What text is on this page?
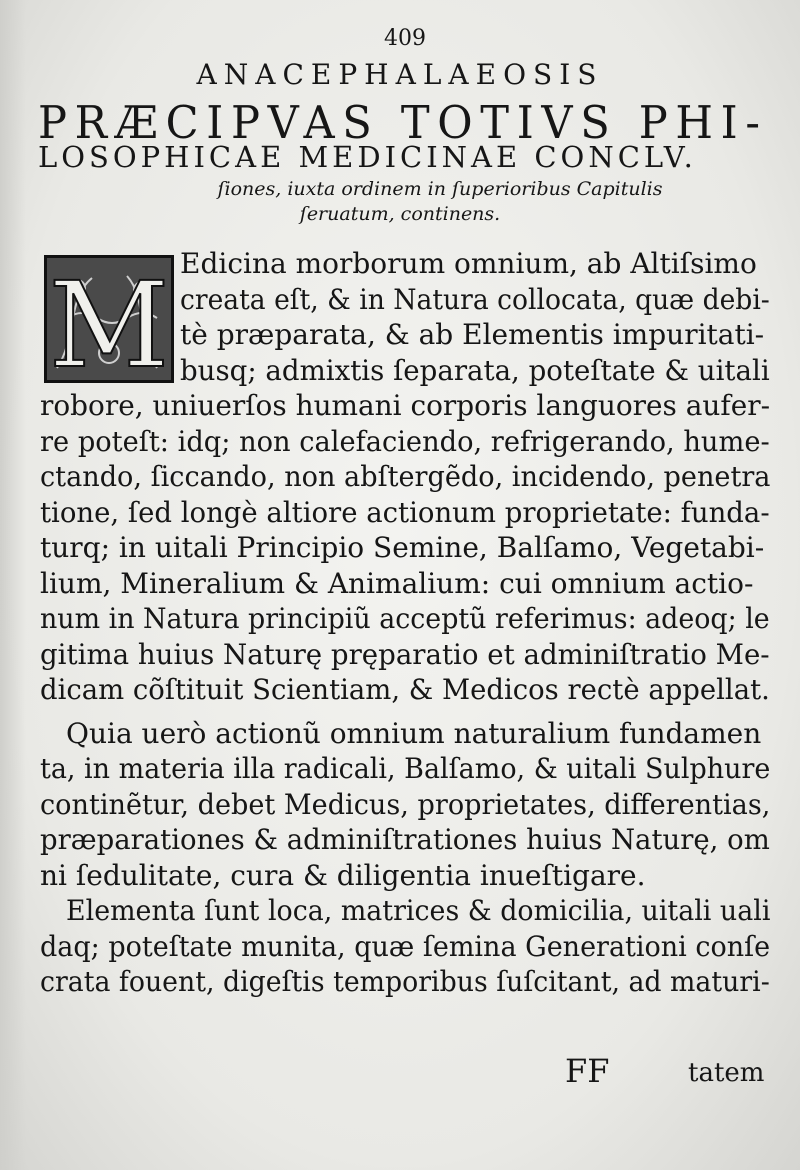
409
ANACEPHALAEOSIS
PRÆCIPVAS TOTIVS PHI-
LOSOPHICAE MEDICINAE CONCLV.
ſiones, iuxta ordinem in ſuperioribus Capitulis
ſeruatum, continens.
M Edicina morborum omnium, ab Altiſsimo
creata eſt, & in Natura collocata, quæ debi-
tè præparata, & ab Elementis impuritati-
busq; admixtis ſeparata, poteſtate & uitali
robore, uniuerſos humani corporis languores aufer-
re poteſt: idq; non calefaciendo, refrigerando, hume-
ctando, ſiccando, non abſtergẽdo, incidendo, penetra
tione, ſed longè altiore actionum proprietate: funda-
turq; in uitali Principio Semine, Balſamo, Vegetabi-
lium, Mineralium & Animalium: cui omnium actio-
num in Natura principiũ acceptũ referimus: adeoq; le
gitima huius Naturę pręparatio et adminiſtratio Me-
dicam cõſtituit Scientiam, & Medicos rectè appellat.
Quia uerò actionũ omnium naturalium fundamen
ta, in materia illa radicali, Balſamo, & uitali Sulphure
continẽtur, debet Medicus, proprietates, differentias,
præparationes & adminiſtrationes huius Naturę, om
ni ſedulitate, cura & diligentia inueſtigare.
Elementa ſunt loca, matrices & domicilia, uitali uali
daq; poteſtate munita, quæ ſemina Generationi conſe
crata fouent, digeſtis temporibus ſuſcitant, ad maturi-
FF	tatem
